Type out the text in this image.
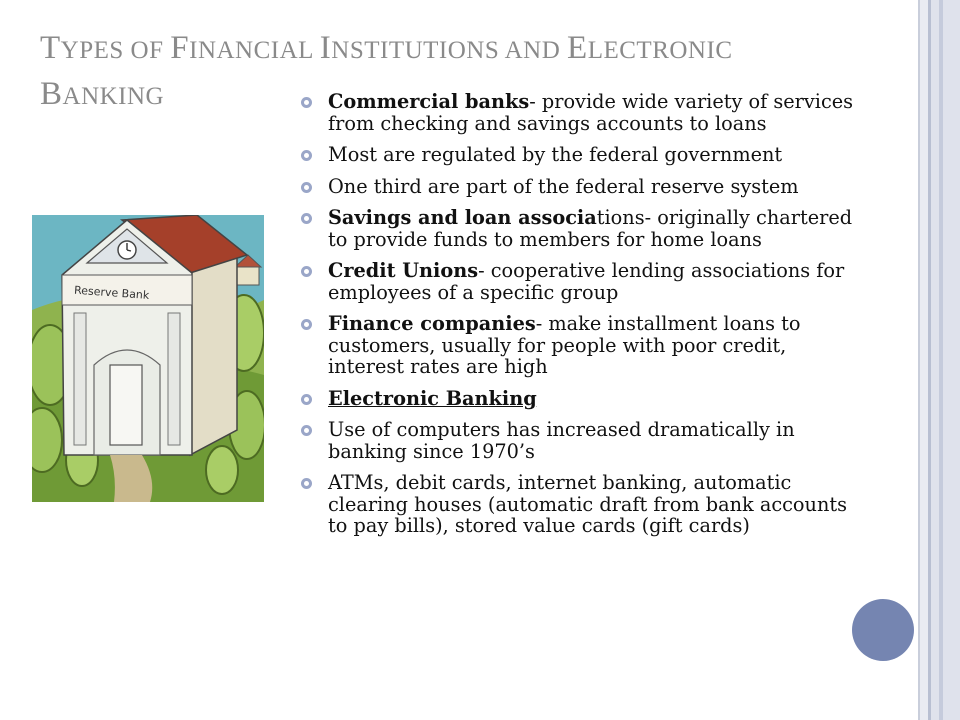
TYPES OF FINANCIAL INSTITUTIONS AND ELECTRONIC
BANKING
Reserve Bank
Commercial banks- provide wide variety of services from checking and savings accounts to loans
Most are regulated by the federal government
One third are part of the federal reserve system
Savings and loan associations- originally chartered to provide funds to members for home loans
Credit Unions- cooperative lending associations for employees of a specific group
Finance companies- make installment loans to customers, usually for people with poor credit, interest rates are high
Electronic Banking
Use of computers has increased dramatically in banking since 1970’s
ATMs, debit cards, internet banking, automatic clearing houses (automatic draft from bank accounts to pay bills), stored value cards (gift cards)
